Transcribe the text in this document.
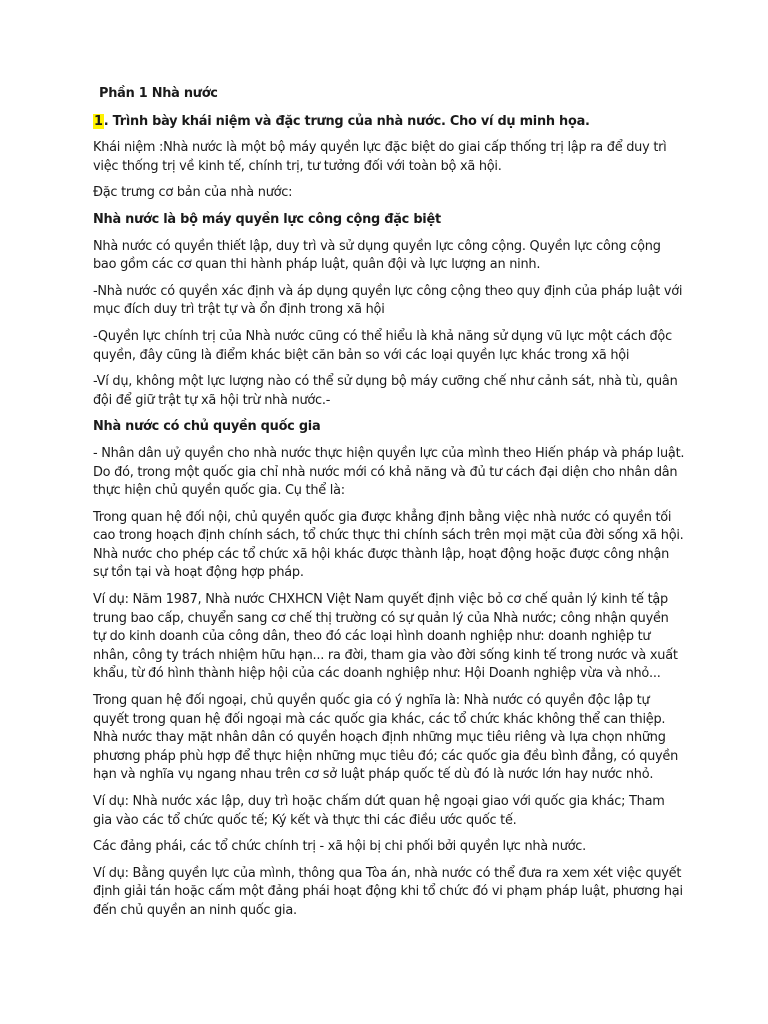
Phần 1 Nhà nước
1. Trình bày khái niệm và đặc trưng của nhà nước. Cho ví dụ minh họa.

Khái niệm :Nhà nước là một bộ máy quyền lực đặc biệt do giai cấp thống trị lập ra để duy trì việc thống trị về kinh tế, chính trị, tư tưởng đối với toàn bộ xã hội.

Đặc trưng cơ bản của nhà nước:

Nhà nước là bộ máy quyền lực công cộng đặc biệt

Nhà nước có quyền thiết lập, duy trì và sử dụng quyền lực công cộng. Quyền lực công cộng bao gồm các cơ quan thi hành pháp luật, quân đội và lực lượng an ninh.

-Nhà nước có quyền xác định và áp dụng quyền lực công cộng theo quy định của pháp luật với mục đích duy trì trật tự và ổn định trong xã hội

-Quyền lực chính trị của Nhà nước cũng có thể hiểu là khả năng sử dụng vũ lực một cách độc quyền, đây cũng là điểm khác biệt căn bản so với các loại quyền lực khác trong xã hội

-Ví dụ, không một lực lượng nào có thể sử dụng bộ máy cưỡng chế như cảnh sát, nhà tù, quân đội để giữ trật tự xã hội trừ nhà nước.-

Nhà nước có chủ quyền quốc gia

- Nhân dân uỷ quyền cho nhà nước thực hiện quyền lực của mình theo Hiến pháp và pháp luật. Do đó, trong một quốc gia chỉ nhà nước mới có khả năng và đủ tư cách đại diện cho nhân dân thực hiện chủ quyền quốc gia. Cụ thể là:

Trong quan hệ đối nội, chủ quyền quốc gia được khẳng định bằng việc nhà nước có quyền tối cao trong hoạch định chính sách, tổ chức thực thi chính sách trên mọi mặt của đời sống xã hội. Nhà nước cho phép các tổ chức xã hội khác được thành lập, hoạt động hoặc được công nhận sự tồn tại và hoạt động hợp pháp.

Ví dụ: Năm 1987, Nhà nước CHXHCN Việt Nam quyết định việc bỏ cơ chế quản lý kinh tế tập trung bao cấp, chuyển sang cơ chế thị trường có sự quản lý của Nhà nước; công nhận quyền tự do kinh doanh của công dân, theo đó các loại hình doanh nghiệp như: doanh nghiệp tư nhân, công ty trách nhiệm hữu hạn... ra đời, tham gia vào đời sống kinh tế trong nước và xuất khẩu, từ đó hình thành hiệp hội của các doanh nghiệp như: Hội Doanh nghiệp vừa và nhỏ...

Trong quan hệ đối ngoại, chủ quyền quốc gia có ý nghĩa là: Nhà nước có quyền độc lập tự quyết trong quan hệ đối ngoại mà các quốc gia khác, các tổ chức khác không thể can thiệp. Nhà nước thay mặt nhân dân có quyền hoạch định những mục tiêu riêng và lựa chọn những phương pháp phù hợp để thực hiện những mục tiêu đó; các quốc gia đều bình đẳng, có quyền hạn và nghĩa vụ ngang nhau trên cơ sở luật pháp quốc tế dù đó là nước lớn hay nước nhỏ.

Ví dụ: Nhà nước xác lập, duy trì hoặc chấm dứt quan hệ ngoại giao với quốc gia khác; Tham gia vào các tổ chức quốc tế; Ký kết và thực thi các điều ước quốc tế.

Các đảng phái, các tổ chức chính trị - xã hội bị chi phối bởi quyền lực nhà nước.

Ví dụ: Bằng quyền lực của mình, thông qua Tòa án, nhà nước có thể đưa ra xem xét việc quyết định giải tán hoặc cấm một đảng phái hoạt động khi tổ chức đó vi phạm pháp luật, phương hại đến chủ quyền an ninh quốc gia.
